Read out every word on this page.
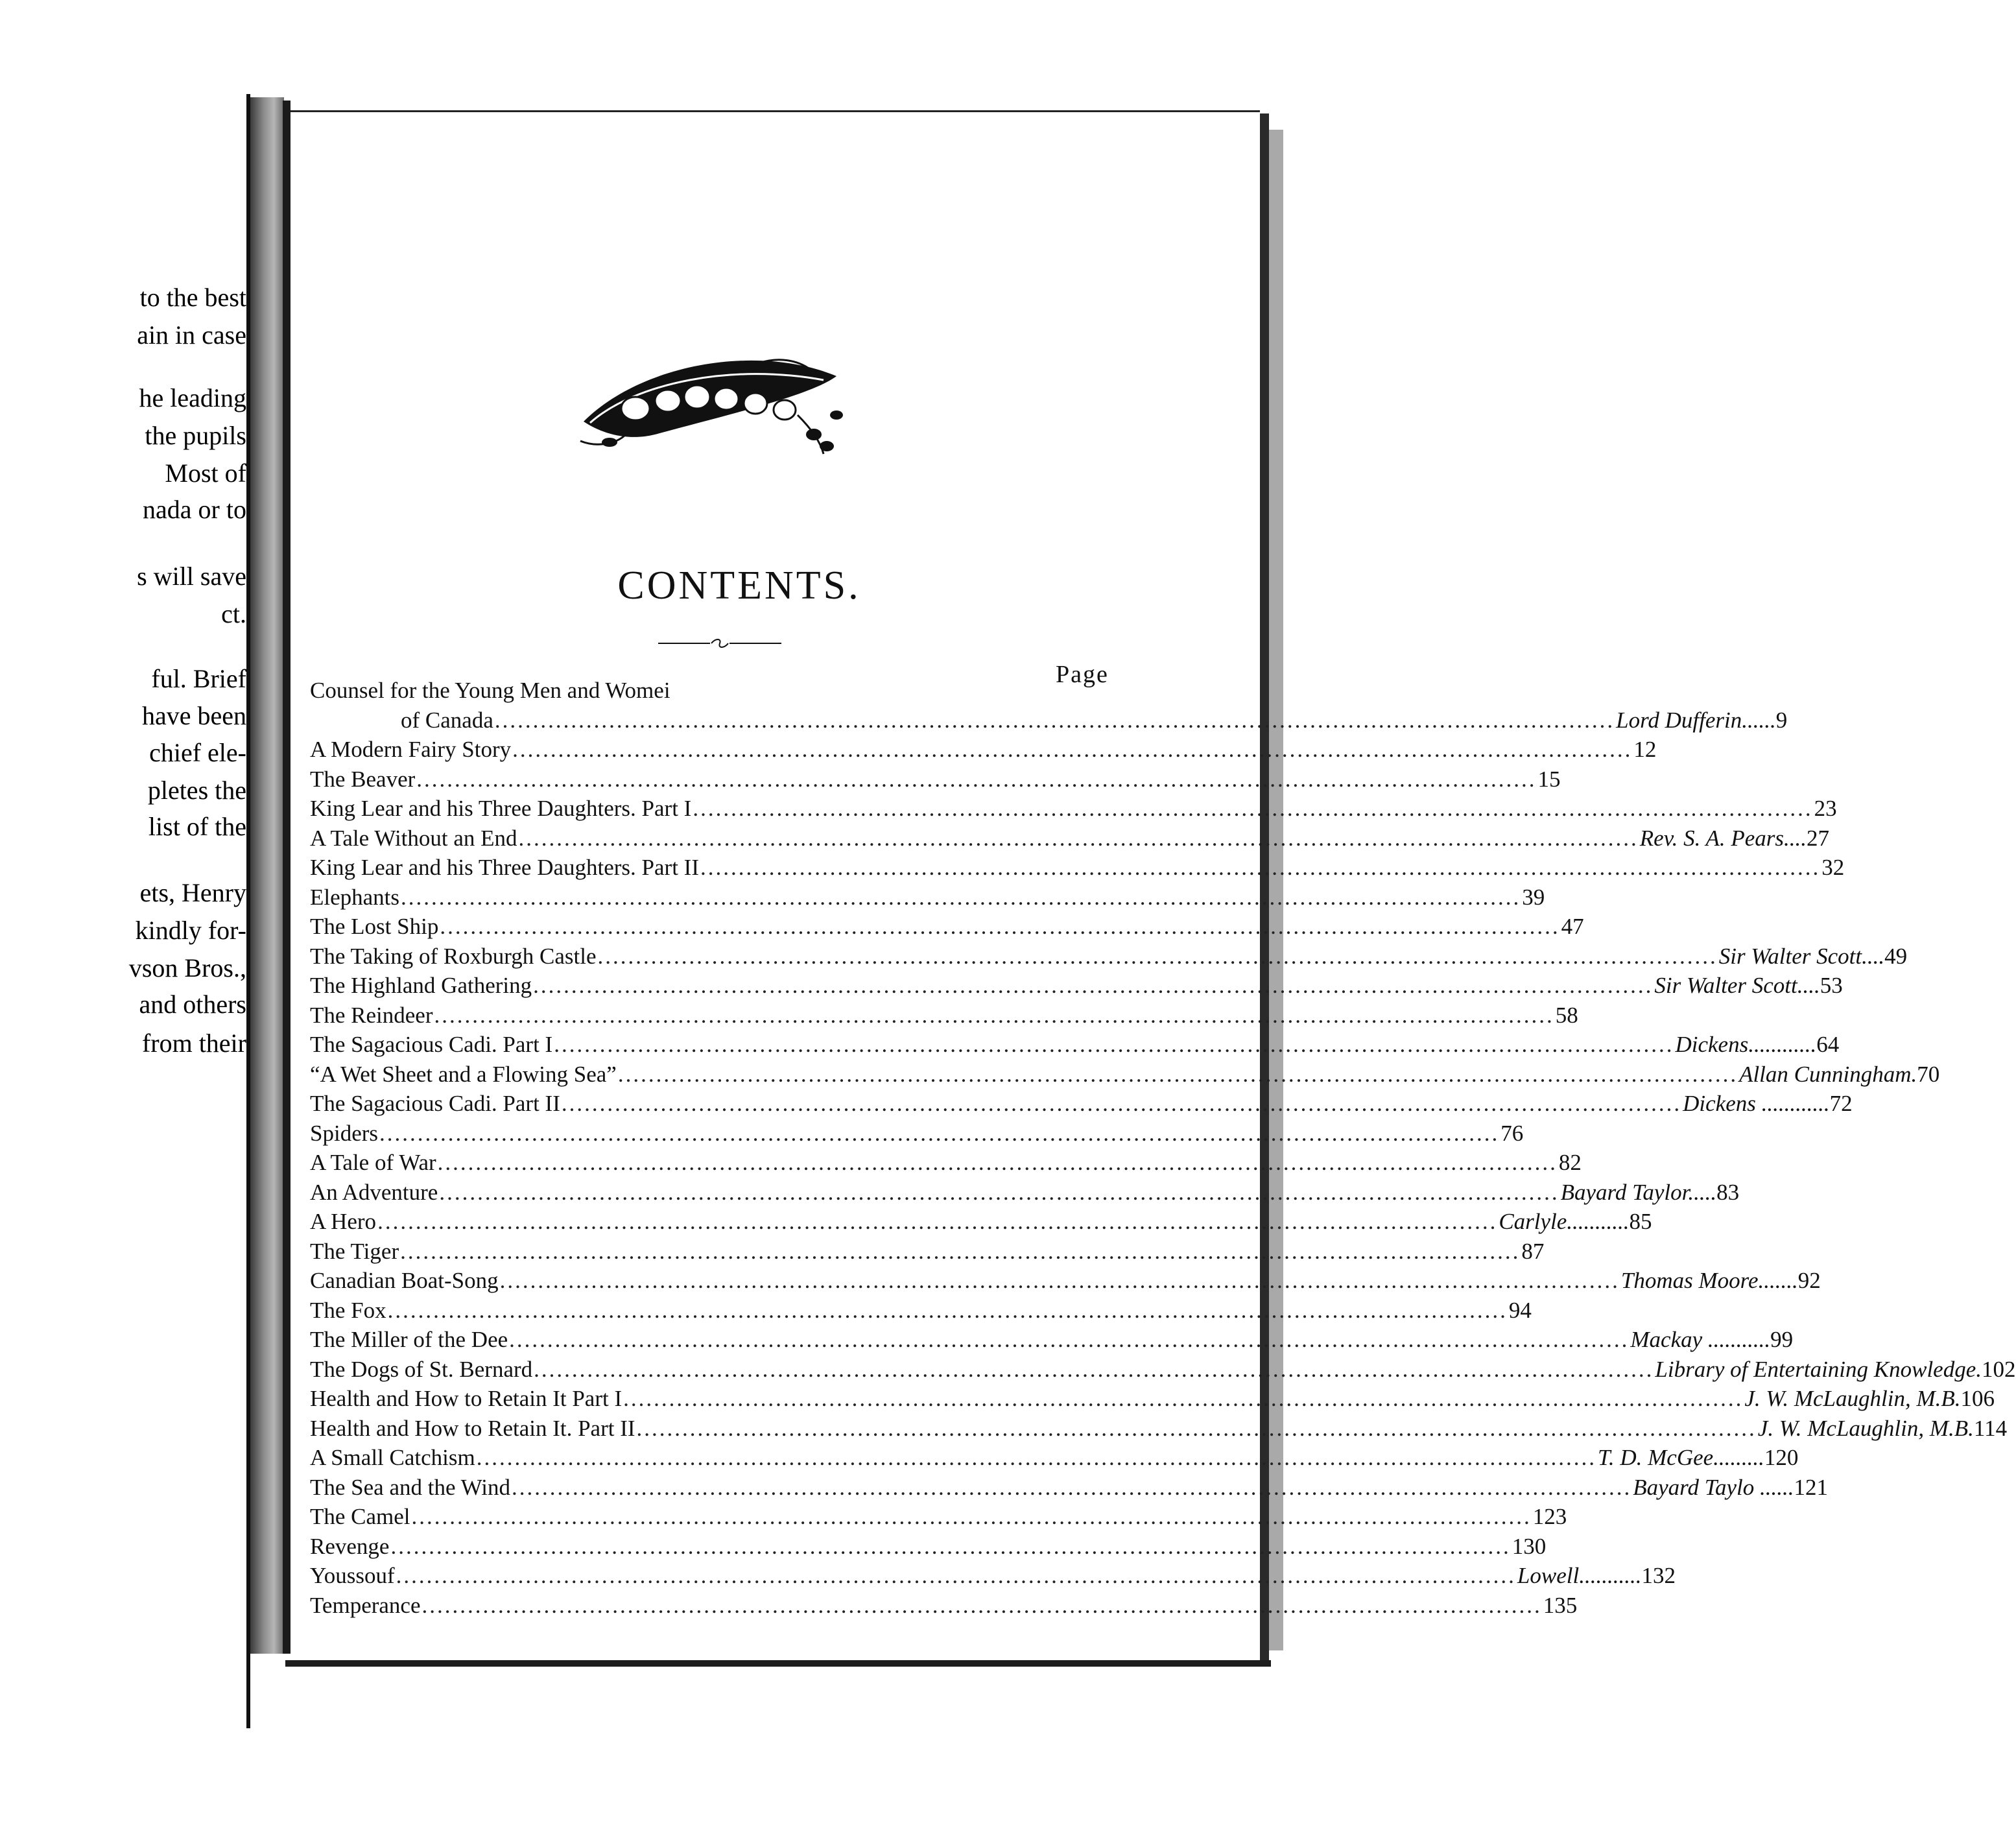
to the best
ain in case
he leading
the pupils
Most of
nada or to
s will save
ct.
ful. Brief
have been
chief ele-
pletes the
list of the
ets, Henry
kindly for-
vson Bros.,
and others
from their
CONTENTS.
Page
Counsel for the Young Men and Womei
of Canada ................................................................................................................................................... Lord Dufferin...... 9
A Modern Fairy Story ................................................................................................................................................... 12
The Beaver ................................................................................................................................................... 15
King Lear and his Three Daughters. Part I ................................................................................................................................................... 23
A Tale Without an End ................................................................................................................................................... Rev. S. A. Pears.... 27
King Lear and his Three Daughters. Part II ................................................................................................................................................... 32
Elephants ................................................................................................................................................... 39
The Lost Ship ................................................................................................................................................... 47
The Taking of Roxburgh Castle ................................................................................................................................................... Sir Walter Scott.... 49
The Highland Gathering ................................................................................................................................................... Sir Walter Scott.... 53
The Reindeer ................................................................................................................................................... 58
The Sagacious Cadi. Part I ................................................................................................................................................... Dickens............ 64
“A Wet Sheet and a Flowing Sea” ................................................................................................................................................... Allan Cunningham. 70
The Sagacious Cadi. Part II ................................................................................................................................................... Dickens ............ 72
Spiders ................................................................................................................................................... 76
A Tale of War ................................................................................................................................................... 82
An Adventure ................................................................................................................................................... Bayard Taylor..... 83
A Hero ................................................................................................................................................... Carlyle........... 85
The Tiger ................................................................................................................................................... 87
Canadian Boat-Song ................................................................................................................................................... Thomas Moore....... 92
The Fox ................................................................................................................................................... 94
The Miller of the Dee ................................................................................................................................................... Mackay ........... 99
The Dogs of St. Bernard ................................................................................................................................................... Library of Entertaining Knowledge. 102
Health and How to Retain It Part I ................................................................................................................................................... J. W. McLaughlin, M.B. 106
Health and How to Retain It. Part II ................................................................................................................................................... J. W. McLaughlin, M.B. 114
A Small Catchism ................................................................................................................................................... T. D. McGee......... 120
The Sea and the Wind ................................................................................................................................................... Bayard Taylo ...... 121
The Camel ................................................................................................................................................... 123
Revenge ................................................................................................................................................... 130
Youssouf ................................................................................................................................................... Lowell........... 132
Temperance ................................................................................................................................................... 135
